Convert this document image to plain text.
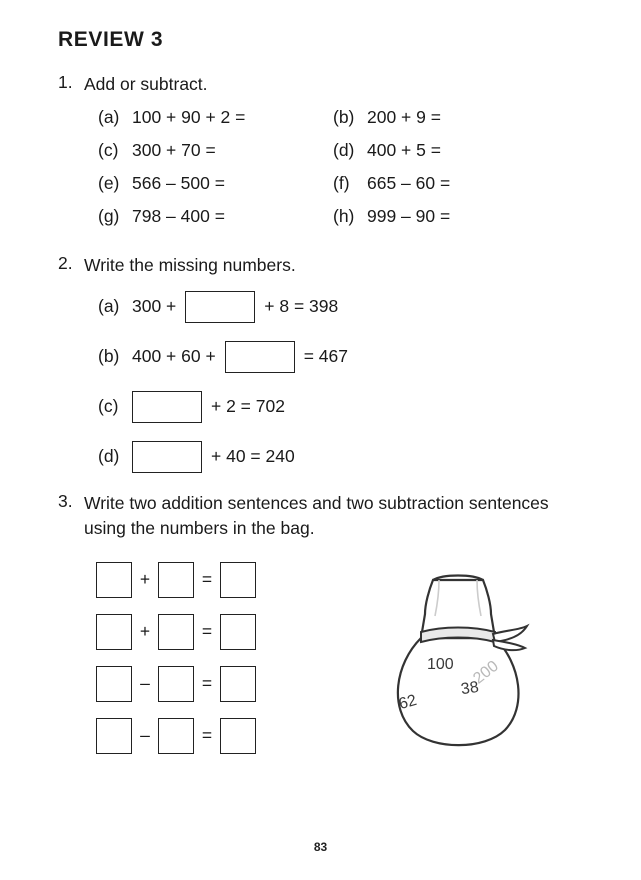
REVIEW 3
1. Add or subtract.
(a) 100 + 90 + 2 =	(b) 200 + 9 =
(c) 300 + 70 =	(d) 400 + 5 =
(e) 566 – 500 =	(f) 665 – 60 =
(g) 798 – 400 =	(h) 999 – 90 =
2. Write the missing numbers.
(a) 300 +	+ 8 = 398
(b) 400 + 60 +	= 467
(c)	+ 2 = 702
(d)	+ 40 = 240
3. Write two addition sentences and two subtraction sentences using the numbers in the bag.
+	=
+	=
–	=
–	=
200
100
38
62
83
